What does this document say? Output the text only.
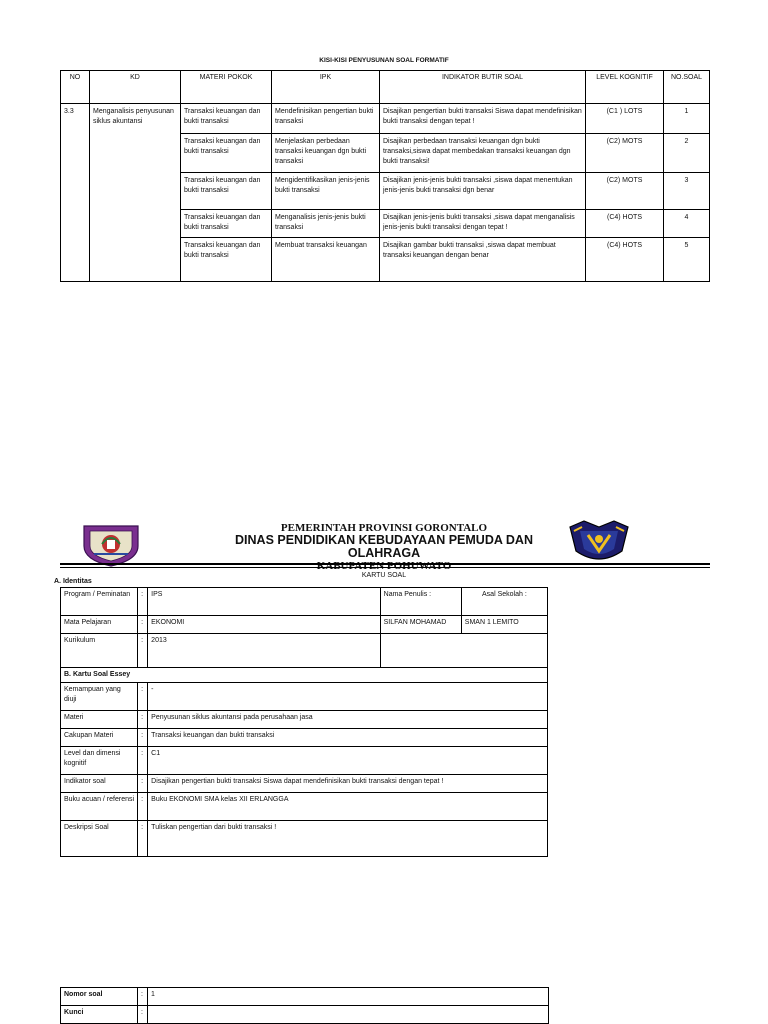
KISI-KISI PENYUSUNAN SOAL FORMATIF
NO	KD	MATERI POKOK	IPK	INDIKATOR BUTIR SOAL	LEVEL KOGNITIF	NO.SOAL
3.3	Menganalisis penyusunan siklus akuntansi	Transaksi keuangan dan bukti transaksi	Mendefinisikan pengertian bukti transaksi	Disajikan pengertian bukti transaksi Siswa dapat mendefinisikan bukti transaksi dengan tepat !	(C1 ) LOTS	1
		Transaksi keuangan dan bukti transaksi	Menjelaskan perbedaan transaksi keuangan dgn bukti transaksi	Disajikan perbedaan transaksi keuangan dgn bukti transaksi,siswa dapat membedakan transaksi keuangan dgn bukti transaksi!	(C2) MOTS	2
		Transaksi keuangan dan bukti transaksi	Mengidentifikasikan jenis-jenis bukti transaksi	Disajikan jenis-jenis bukti transaksi ,siswa dapat menentukan jenis-jenis bukti transaksi dgn benar	(C2) MOTS	3
		Transaksi keuangan dan bukti transaksi	Menganalisis jenis-jenis bukti transaksi	Disajikan jenis-jenis bukti transaksi ,siswa dapat menganalisis jenis-jenis bukti transaksi dengan tepat !	(C4) HOTS	4
		Transaksi keuangan dan bukti transaksi	Membuat transaksi keuangan	Disajikan gambar bukti transaksi ,siswa dapat membuat transaksi keuangan dengan benar	(C4) HOTS	5
PEMERINTAH PROVINSI GORONTALO
DINAS PENDIDIKAN KEBUDAYAAN PEMUDA DAN OLAHRAGA
KABUPATEN POHUWATO
KARTU SOAL
A. Identitas
Program / Peminatan	:	IPS	Nama Penulis :	Asal Sekolah :
Mata Pelajaran	:	EKONOMI	SILFAN MOHAMAD	SMAN 1 LEMITO
Kurikulum	:	2013		
B. Kartu Soal Essey				
Kemampuan yang diuji	:	-		
Materi	:	Penyusunan siklus akuntansi pada perusahaan jasa		
Cakupan Materi	:	Transaksi keuangan dan bukti transaksi		
Level dan dimensi kognitif	:	C1		
Indikator soal	:	Disajikan pengertian bukti transaksi Siswa dapat mendefinisikan bukti transaksi dengan tepat !		
Buku acuan / referensi	:	Buku EKONOMI SMA kelas XII ERLANGGA		
Deskripsi Soal	:	Tuliskan pengertian dari bukti transaksi !		
Nomor soal	:	1
Kunci	:	
